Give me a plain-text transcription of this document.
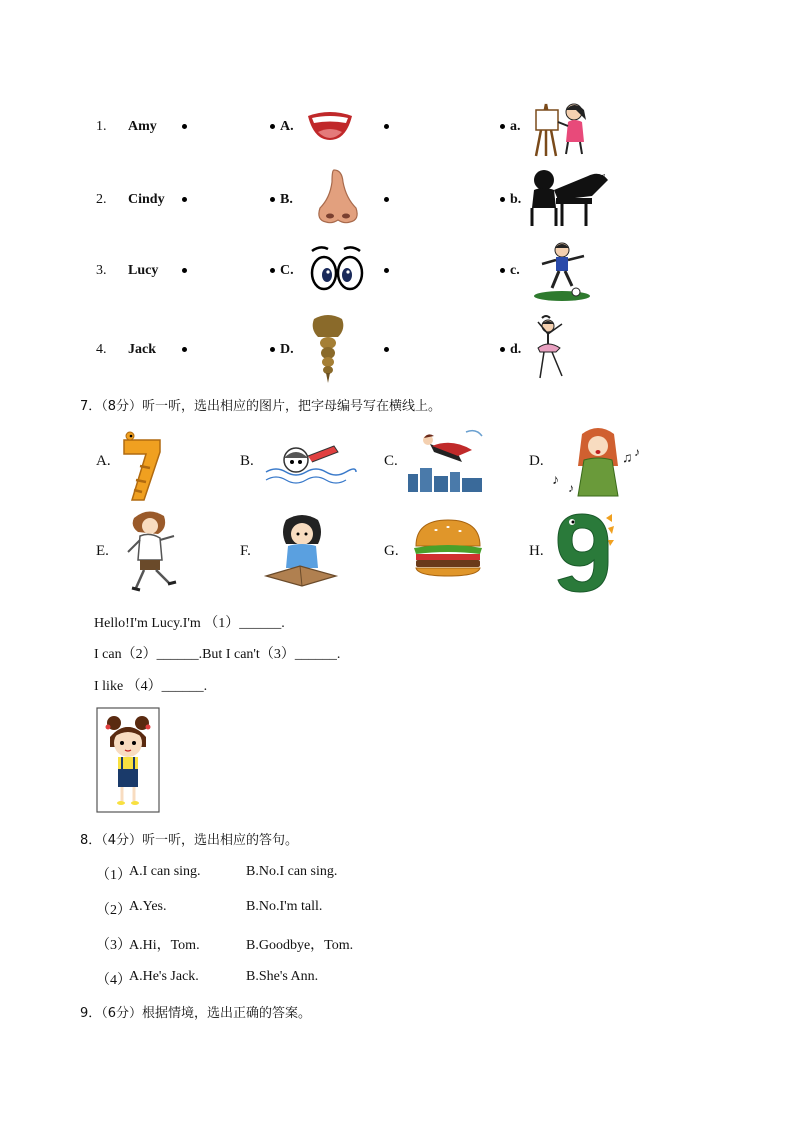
1. Amy	A.	a.
2. Cindy	B.	b.
3. Lucy	C.	c.
4. Jack	D.	d.
♪♫
7．（8分）听一听，选出相应的图片，把字母编号写在横线上。
A.	B.	C.	D.
E.	F.	G.	H.
♪ ♪
♫ ♪
Hello!I'm Lucy.I'm （1）______.
I can（2）______.But I can't（3）______.
I like （4）______.
8．（4分）听一听，选出相应的答句。
（1）
A.I can sing.	B.No.I can sing.
（2）
A.Yes.	B.No.I'm tall.
（3）
A.Hi，Tom.	B.Goodbye，Tom.
（4）
A.He's Jack.	B.She's Ann.
9．（6分）根据情境，选出正确的答案。
